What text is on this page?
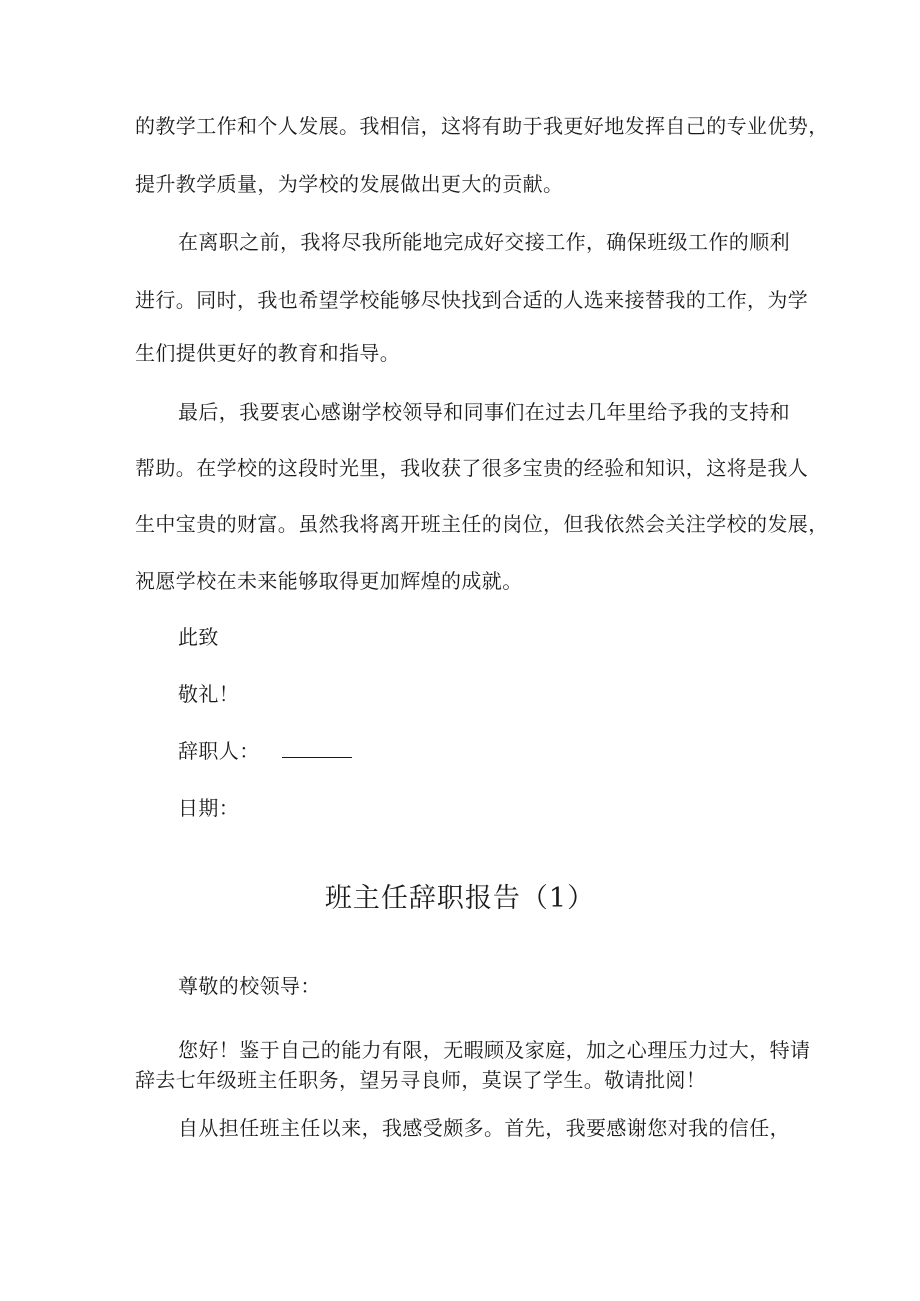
的教学工作和个人发展。我相信，这将有助于我更好地发挥自己的专业优势，
提升教学质量，为学校的发展做出更大的贡献。
在离职之前，我将尽我所能地完成好交接工作，确保班级工作的顺利
进行。同时，我也希望学校能够尽快找到合适的人选来接替我的工作，为学
生们提供更好的教育和指导。
最后，我要衷心感谢学校领导和同事们在过去几年里给予我的支持和
帮助。在学校的这段时光里，我收获了很多宝贵的经验和知识，这将是我人
生中宝贵的财富。虽然我将离开班主任的岗位，但我依然会关注学校的发展，
祝愿学校在未来能够取得更加辉煌的成就。
此致
敬礼！
辞职人：
日期：
班主任辞职报告（1）
尊敬的校领导：
您好！鉴于自己的能力有限，无暇顾及家庭，加之心理压力过大，特请
辞去七年级班主任职务，望另寻良师，莫误了学生。敬请批阅！
自从担任班主任以来，我感受颇多。首先，我要感谢您对我的信任，
